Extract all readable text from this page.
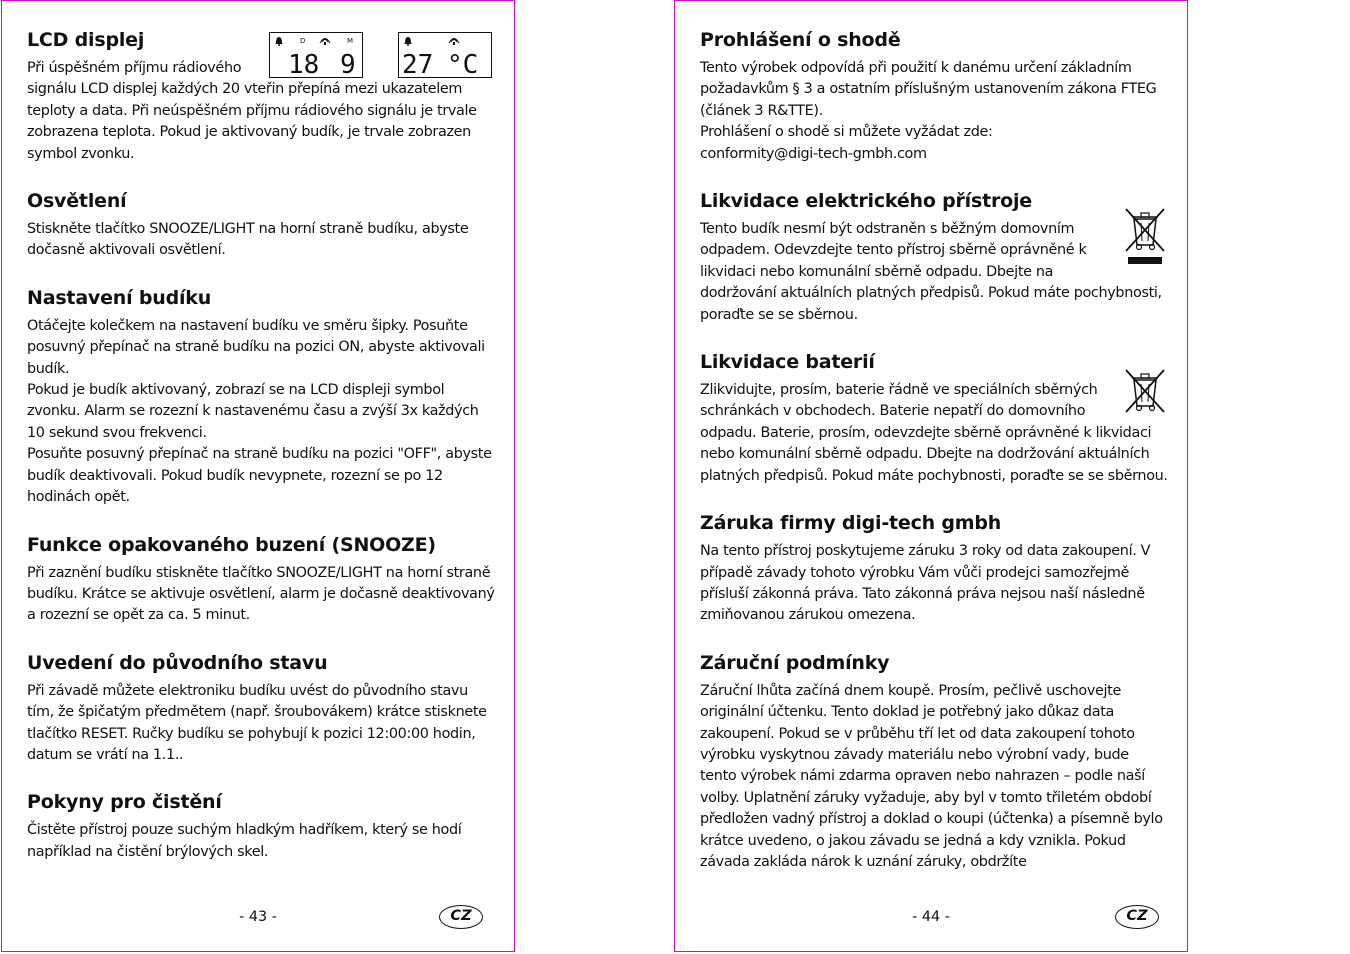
LCD displej	D	M
18 9 27 °C

Při úspěšném příjmu rádiového signálu LCD displej každých 20 vteřin přepíná mezi ukazatelem teploty a data. Při neúspěšném příjmu rádiového signálu je trvale zobrazena teplota. Pokud je aktivovaný budík, je trvale zobrazen symbol zvonku.

Osvětlení

Stiskněte tlačítko SNOOZE/LIGHT na horní straně budíku, abyste dočasně aktivovali osvětlení.

Nastavení budíku

Otáčejte kolečkem na nastavení budíku ve směru šipky. Posuňte posuvný přepínač na straně budíku na pozici ON, abyste aktivovali budík.
Pokud je budík aktivovaný, zobrazí se na LCD displeji symbol zvonku. Alarm se rozezní k nastavenému času a zvýší 3x každých 10 sekund svou frekvenci.
Posuňte posuvný přepínač na straně budíku na pozici "OFF", abyste budík deaktivovali. Pokud budík nevypnete, rozezní se po 12 hodinách opět.

Funkce opakovaného buzení (SNOOZE)

Při zaznění budíku stiskněte tlačítko SNOOZE/LIGHT na horní straně budíku. Krátce se aktivuje osvětlení, alarm je dočasně deaktivovaný a rozezní se opět za ca. 5 minut.

Uvedení do původního stavu

Při závadě můžete elektroniku budíku uvést do původního stavu tím, že špičatým předmětem (např. šroubovákem) krátce stisknete tlačítko RESET. Ručky budíku se pohybují k pozici 12:00:00 hodin, datum se vrátí na 1.1..

Pokyny pro čistění

Čistěte přístroj pouze suchým hladkým hadříkem, který se hodí například na čistění brýlových skel.

- 43 -	CZ
Prohlášení o shodě

Tento výrobek odpovídá při použití k danému určení základním požadavkům § 3 a ostatním příslušným ustanovením zákona FTEG (článek 3 R&TTE).
Prohlášení o shodě si můžete vyžádat zde:
conformity@digi-tech-gmbh.com

Likvidace elektrického přístroje

Tento budík nesmí být odstraněn s běžným domovním odpadem. Odevzdejte tento přístroj sběrně oprávněné k likvidaci nebo komunální sběrně odpadu. Dbejte na dodržování aktuálních platných předpisů. Pokud máte pochybnosti, poraďte se se sběrnou.

Likvidace baterií

Zlikvidujte, prosím, baterie řádně ve speciálních sběrných schránkách v obchodech. Baterie nepatří do domovního odpadu. Baterie, prosím, odevzdejte sběrně oprávněné k likvidaci nebo komunální sběrně odpadu. Dbejte na dodržování aktuálních platných předpisů. Pokud máte pochybnosti, poraďte se se sběrnou.

Záruka firmy digi-tech gmbh

Na tento přístroj poskytujeme záruku 3 roky od data zakoupení. V případě závady tohoto výrobku Vám vůči prodejci samozřejmě přísluší zákonná práva. Tato zákonná práva nejsou naší následně zmiňovanou zárukou omezena.

Záruční podmínky

Záruční lhůta začíná dnem koupě. Prosím, pečlivě uschovejte originální účtenku. Tento doklad je potřebný jako důkaz data zakoupení. Pokud se v průběhu tří let od data zakoupení tohoto výrobku vyskytnou závady materiálu nebo výrobní vady, bude tento výrobek námi zdarma opraven nebo nahrazen – podle naší volby. Uplatnění záruky vyžaduje, aby byl v tomto třiletém období předložen vadný přístroj a doklad o koupi (účtenka) a písemně bylo krátce uvedeno, o jakou závadu se jedná a kdy vznikla. Pokud závada zakláda nárok k uznání záruky, obdržíte

- 44 -	CZ
